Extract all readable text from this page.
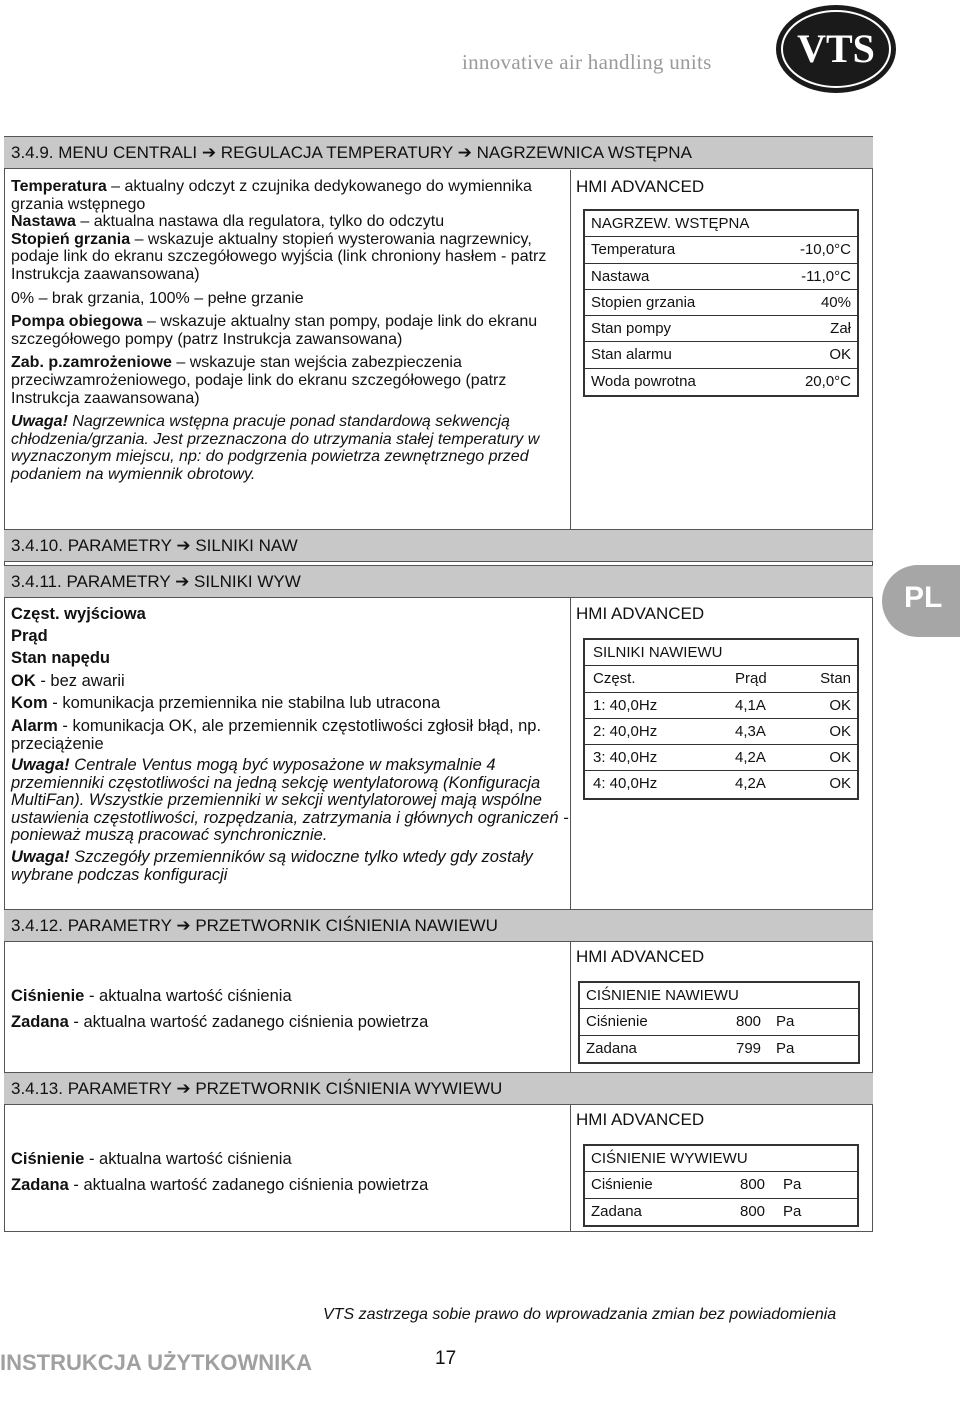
innovative air handling units VTS
PL
3.4.9. MENU CENTRALI ➔ REGULACJA TEMPERATURY ➔ NAGRZEWNICA WSTĘPNA

Temperatura – aktualny odczyt z czujnika dedykowanego do wymiennika grzania wstępnego

Nastawa – aktualna nastawa dla regulatora, tylko do odczytu

Stopień grzania – wskazuje aktualny stopień wysterowania nagrzewnicy, podaje link do ekranu szczegółowego wyjścia (link chroniony hasłem - patrz Instrukcja zaawansowana)

0% – brak grzania, 100% – pełne grzanie

Pompa obiegowa – wskazuje aktualny stan pompy, podaje link do ekranu szczegółowego pompy (patrz Instrukcja zawansowana)

Zab. p.zamrożeniowe – wskazuje stan wejścia zabezpieczenia przeciwzamrożeniowego, podaje link do ekranu szczegółowego (patrz Instrukcja zaawansowana)

Uwaga! Nagrzewnica wstępna pracuje ponad standardową sekwencją chłodzenia/grzania. Jest przeznaczona do utrzymania stałej temperatury w wyznaczonym miejscu, np: do podgrzenia powietrza zewnętrznego przed podaniem na wymiennik obrotowy.

HMI ADVANCED
NAGRZEW. WSTĘPNA
Temperatura	-10,0°C
Nastawa	-11,0°C
Stopien grzania	40%
Stan pompy	Zał
Stan alarmu	OK
Woda powrotna	20,0°C
3.4.10. PARAMETRY ➔ SILNIKI NAW
3.4.11. PARAMETRY ➔ SILNIKI WYW

Częst. wyjściowa

Prąd

Stan napędu

OK - bez awarii

Kom - komunikacja przemiennika nie stabilna lub utracona

Alarm - komunikacja OK, ale przemiennik częstotliwości zgłosił błąd, np. przeciążenie

Uwaga! Centrale Ventus mogą być wyposażone w maksymalnie 4 przemienniki częstotliwości na jedną sekcję wentylatorową (Konfiguracja MultiFan). Wszystkie przemienniki w sekcji wentylatorowej mają wspólne ustawienia częstotliwości, rozpędzania, zatrzymania i głównych ograniczeń - ponieważ muszą pracować synchronicznie.

Uwaga! Szczegóły przemienników są widoczne tylko wtedy gdy zostały wybrane podczas konfiguracji

HMI ADVANCED
SILNIKI NAWIEWU
Częst.	Prąd	Stan
1: 40,0Hz	4,1A	OK
2: 40,0Hz	4,3A	OK
3: 40,0Hz	4,2A	OK
4: 40,0Hz	4,2A	OK
3.4.12. PARAMETRY ➔ PRZETWORNIK CIŚNIENIA NAWIEWU

Ciśnienie - aktualna wartość ciśnienia

Zadana - aktualna wartość zadanego ciśnienia powietrza

HMI ADVANCED
CIŚNIENIE NAWIEWU
Ciśnienie	800 Pa
Zadana	799 Pa
3.4.13. PARAMETRY ➔ PRZETWORNIK CIŚNIENIA WYWIEWU

Ciśnienie - aktualna wartość ciśnienia

Zadana - aktualna wartość zadanego ciśnienia powietrza

HMI ADVANCED
CIŚNIENIE WYWIEWU
Ciśnienie	800 Pa
Zadana	800 Pa
VTS zastrzega sobie prawo do wprowadzania zmian bez powiadomienia
INSTRUKCJA UŻYTKOWNIKA	17
